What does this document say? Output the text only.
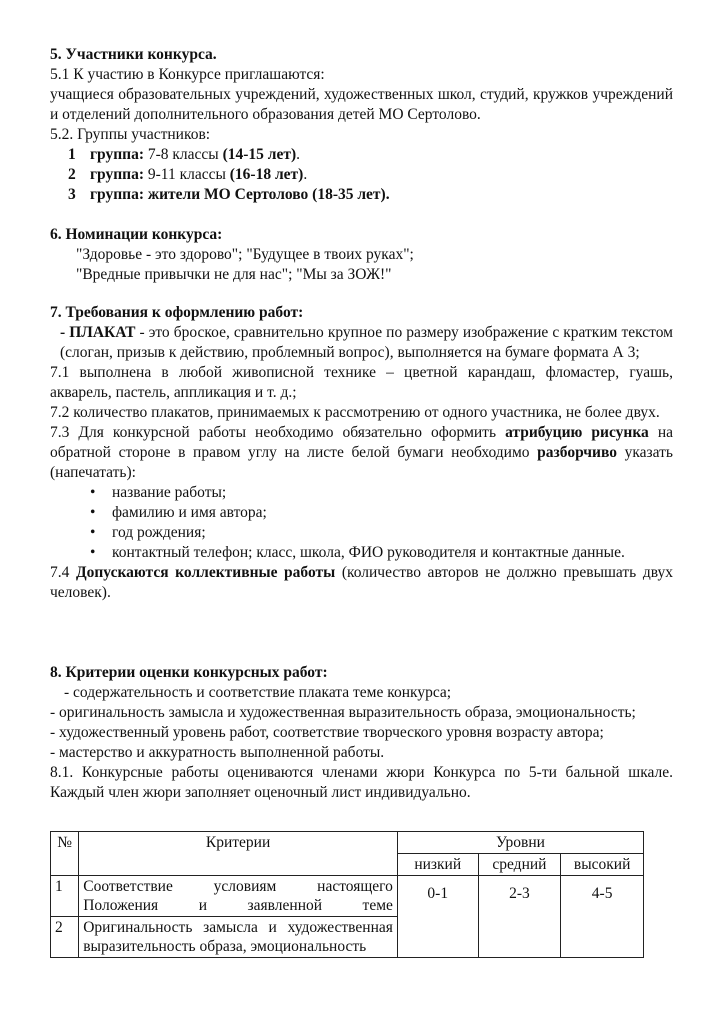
5. Участники конкурса.
5.1 К участию в Конкурсе приглашаются:
учащиеся образовательных учреждений, художественных школ, студий, кружков учреждений и отделений дополнительного образования детей МО Сертолово.
5.2. Группы участников:
1 группа: 7-8 классы (14-15 лет).
2 группа: 9-11 классы (16-18 лет).
3 группа: жители МО Сертолово (18-35 лет).
6. Номинации конкурса:
"Здоровье - это здорово"; "Будущее в твоих руках";
"Вредные привычки не для нас"; "Мы за ЗОЖ!"
7. Требования к оформлению работ:
- ПЛАКАТ - это броское, сравнительно крупное по размеру изображение с кратким текстом (слоган, призыв к действию, проблемный вопрос), выполняется на бумаге формата А 3;
7.1 выполнена в любой живописной технике – цветной карандаш, фломастер, гуашь, акварель, пастель, аппликация и т. д.;
7.2 количество плакатов, принимаемых к рассмотрению от одного участника, не более двух.
7.3 Для конкурсной работы необходимо обязательно оформить атрибуцию рисунка на обратной стороне в правом углу на листе белой бумаги необходимо разборчиво указать (напечатать):
• название работы;
• фамилию и имя автора;
• год рождения;
• контактный телефон; класс, школа, ФИО руководителя и контактные данные.
7.4 Допускаются коллективные работы (количество авторов не должно превышать двух человек).
8. Критерии оценки конкурсных работ:
- содержательность и соответствие плаката теме конкурса;
- оригинальность замысла и художественная выразительность образа, эмоциональность;
- художественный уровень работ, соответствие творческого уровня возрасту автора;
- мастерство и аккуратность выполненной работы.
8.1. Конкурсные работы оцениваются членами жюри Конкурса по 5-ти бальной шкале. Каждый член жюри заполняет оценочный лист индивидуально.
№	Критерии	Уровни		
		низкий	средний	высокий
1	Соответствие условиям настоящего Положения и заявленной теме	0-1	2-3	4-5
2	Оригинальность замысла и художественная выразительность образа, эмоциональность			
